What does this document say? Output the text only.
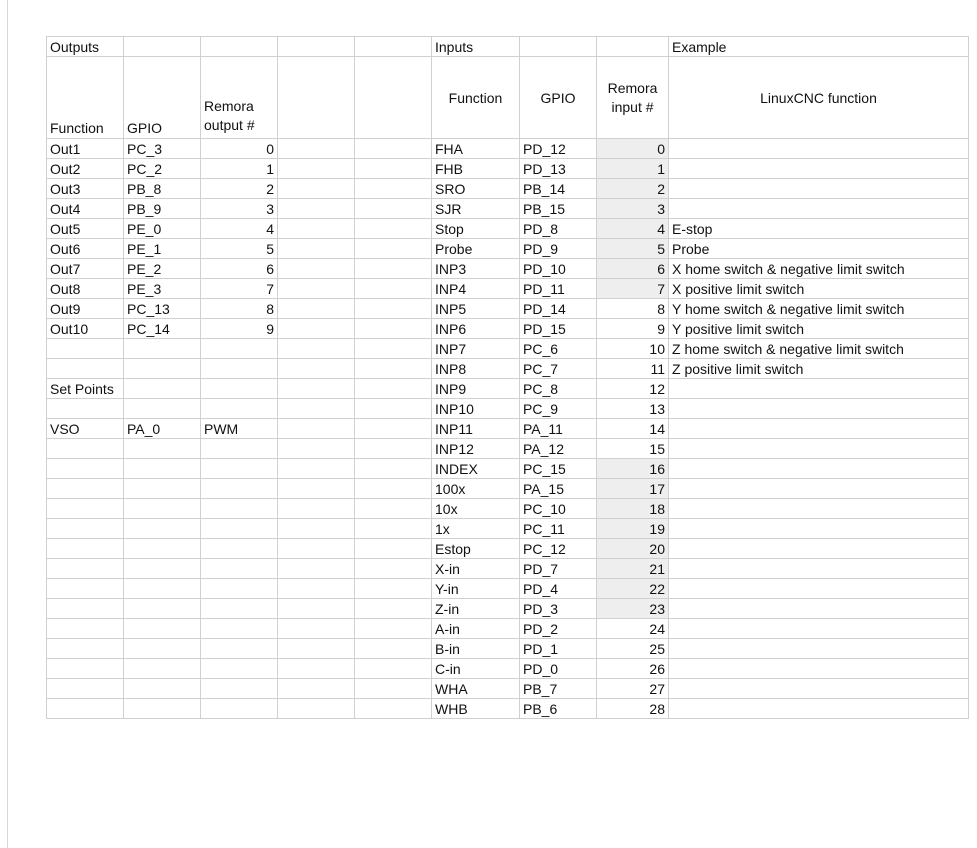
Outputs					Inputs			Example
Function	GPIO	Remora output #			Function	GPIO	Remora input #	LinuxCNC function
Out1	PC_3	0			FHA	PD_12	0	
Out2	PC_2	1			FHB	PD_13	1	
Out3	PB_8	2			SRO	PB_14	2	
Out4	PB_9	3			SJR	PB_15	3	
Out5	PE_0	4			Stop	PD_8	4	E-stop
Out6	PE_1	5			Probe	PD_9	5	Probe
Out7	PE_2	6			INP3	PD_10	6	X home switch & negative limit switch
Out8	PE_3	7			INP4	PD_11	7	X positive limit switch
Out9	PC_13	8			INP5	PD_14	8	Y home switch & negative limit switch
Out10	PC_14	9			INP6	PD_15	9	Y positive limit switch
					INP7	PC_6	10	Z home switch & negative limit switch
					INP8	PC_7	11	Z positive limit switch
Set Points					INP9	PC_8	12	
					INP10	PC_9	13	
VSO	PA_0	PWM			INP11	PA_11	14	
					INP12	PA_12	15	
					INDEX	PC_15	16	
					100x	PA_15	17	
					10x	PC_10	18	
					1x	PC_11	19	
					Estop	PC_12	20	
					X-in	PD_7	21	
					Y-in	PD_4	22	
					Z-in	PD_3	23	
					A-in	PD_2	24	
					B-in	PD_1	25	
					C-in	PD_0	26	
					WHA	PB_7	27	
					WHB	PB_6	28	
